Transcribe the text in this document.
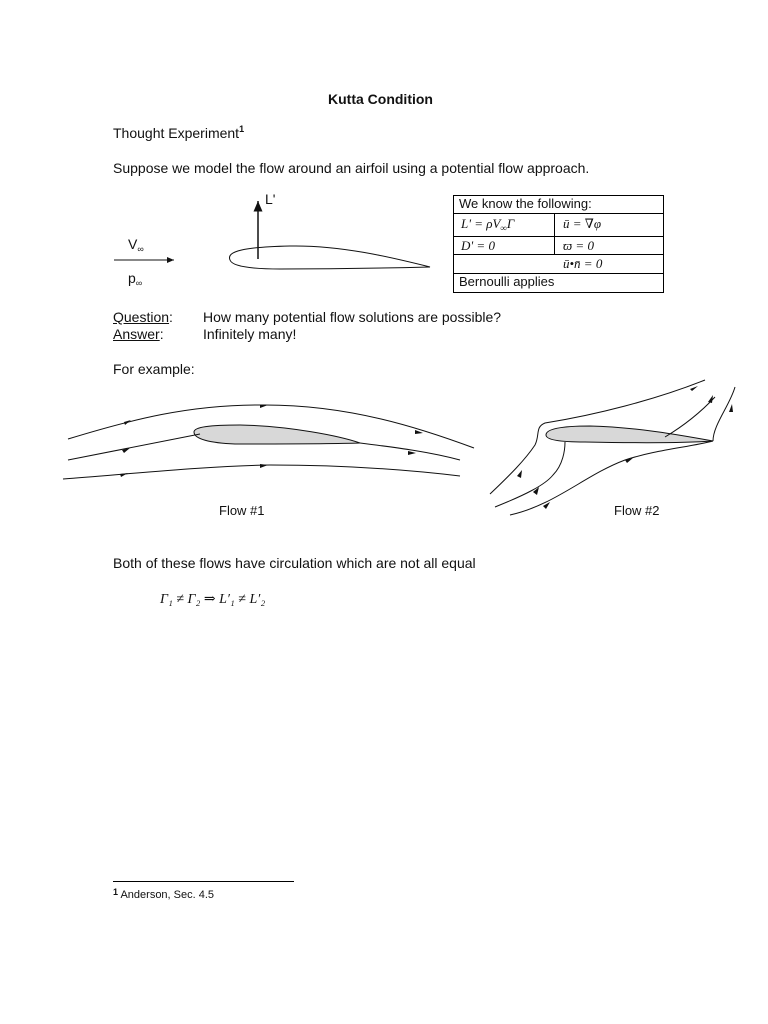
Kutta Condition
Thought Experiment$^1$
Suppose we model the flow around an airfoil using a potential flow approach.
L'
$V_\infty$
$p_\infty$
We know the following:
$L' = \rho V_\infty\Gamma$	ū = ∇φ
D' = 0	ϖ = 0
ū•n̄ = 0
Bernoulli applies
Question: How many potential flow solutions are possible?
Answer:	Infinitely many!
For example:
Flow #1	Flow #2
Both of these flows have circulation which are not all equal
Γ₁ ≠ Γ₂ ⇒ L′₁ ≠ L′₂
$^1$ Anderson, Sec. 4.5
